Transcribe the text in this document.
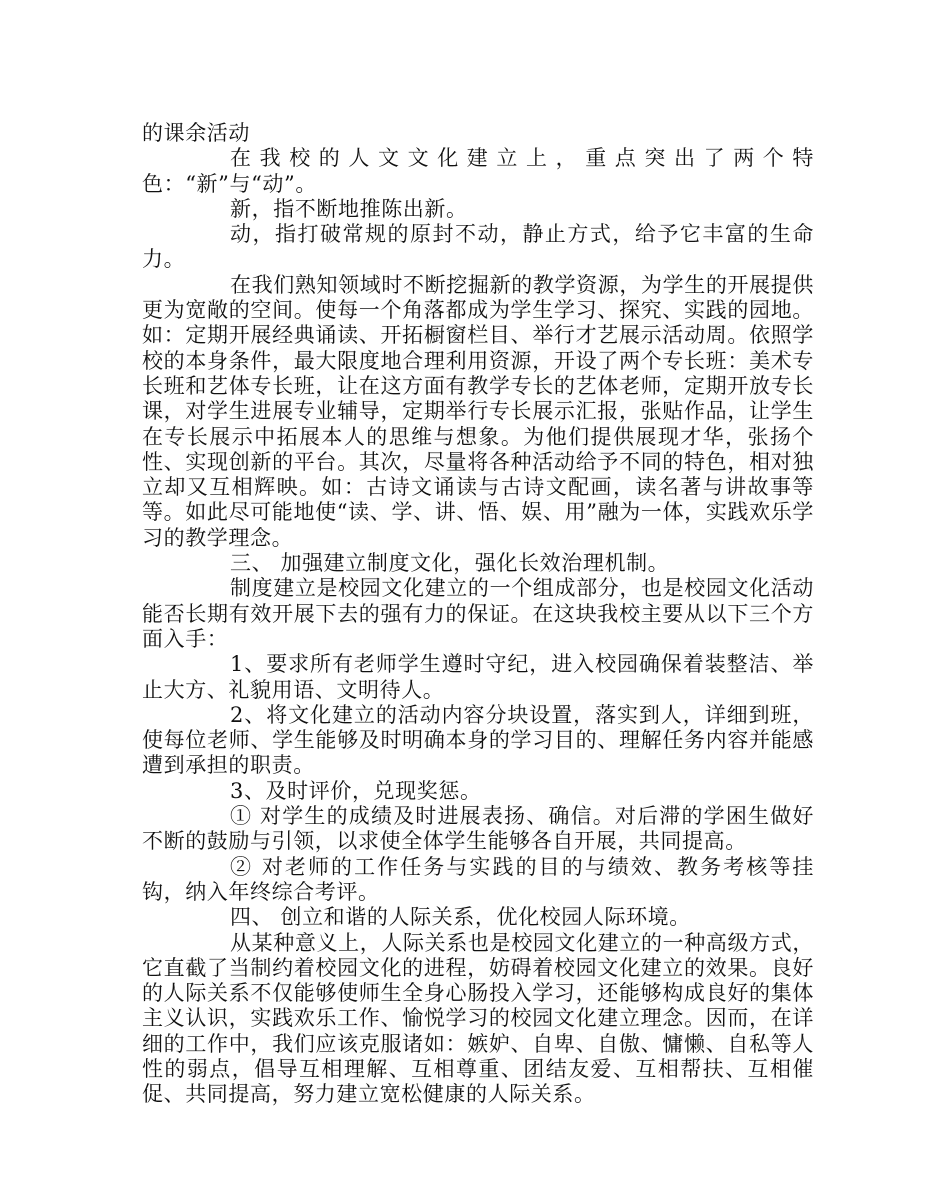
的课余活动

在我校的人文文化建立上，重点突出了两个特色：“新”与“动”。

新，指不断地推陈出新。

动，指打破常规的原封不动，静止方式，给予它丰富的生命力。

在我们熟知领域时不断挖掘新的教学资源，为学生的开展提供更为宽敞的空间。使每一个角落都成为学生学习、探究、实践的园地。如：定期开展经典诵读、开拓橱窗栏目、举行才艺展示活动周。依照学校的本身条件，最大限度地合理利用资源，开设了两个专长班：美术专长班和艺体专长班，让在这方面有教学专长的艺体老师，定期开放专长课，对学生进展专业辅导，定期举行专长展示汇报，张贴作品，让学生在专长展示中拓展本人的思维与想象。为他们提供展现才华，张扬个性、实现创新的平台。其次，尽量将各种活动给予不同的特色，相对独立却又互相辉映。如：古诗文诵读与古诗文配画，读名著与讲故事等等。如此尽可能地使“读、学、讲、悟、娱、用”融为一体，实践欢乐学习的教学理念。

三、 加强建立制度文化，强化长效治理机制。

制度建立是校园文化建立的一个组成部分，也是校园文化活动能否长期有效开展下去的强有力的保证。在这块我校主要从以下三个方面入手：

1、要求所有老师学生遵时守纪，进入校园确保着装整洁、举止大方、礼貌用语、文明待人。

2、将文化建立的活动内容分块设置，落实到人，详细到班，使每位老师、学生能够及时明确本身的学习目的、理解任务内容并能感遭到承担的职责。

3、及时评价，兑现奖惩。

① 对学生的成绩及时进展表扬、确信。对后滞的学困生做好不断的鼓励与引领，以求使全体学生能够各自开展，共同提高。

② 对老师的工作任务与实践的目的与绩效、教务考核等挂钩，纳入年终综合考评。

四、 创立和谐的人际关系，优化校园人际环境。

从某种意义上，人际关系也是校园文化建立的一种高级方式，它直截了当制约着校园文化的进程，妨碍着校园文化建立的效果。良好的人际关系不仅能够使师生全身心肠投入学习，还能够构成良好的集体主义认识，实践欢乐工作、愉悦学习的校园文化建立理念。因而，在详细的工作中，我们应该克服诸如：嫉妒、自卑、自傲、慵懒、自私等人性的弱点，倡导互相理解、互相尊重、团结友爱、互相帮扶、互相催促、共同提高，努力建立宽松健康的人际关系。
